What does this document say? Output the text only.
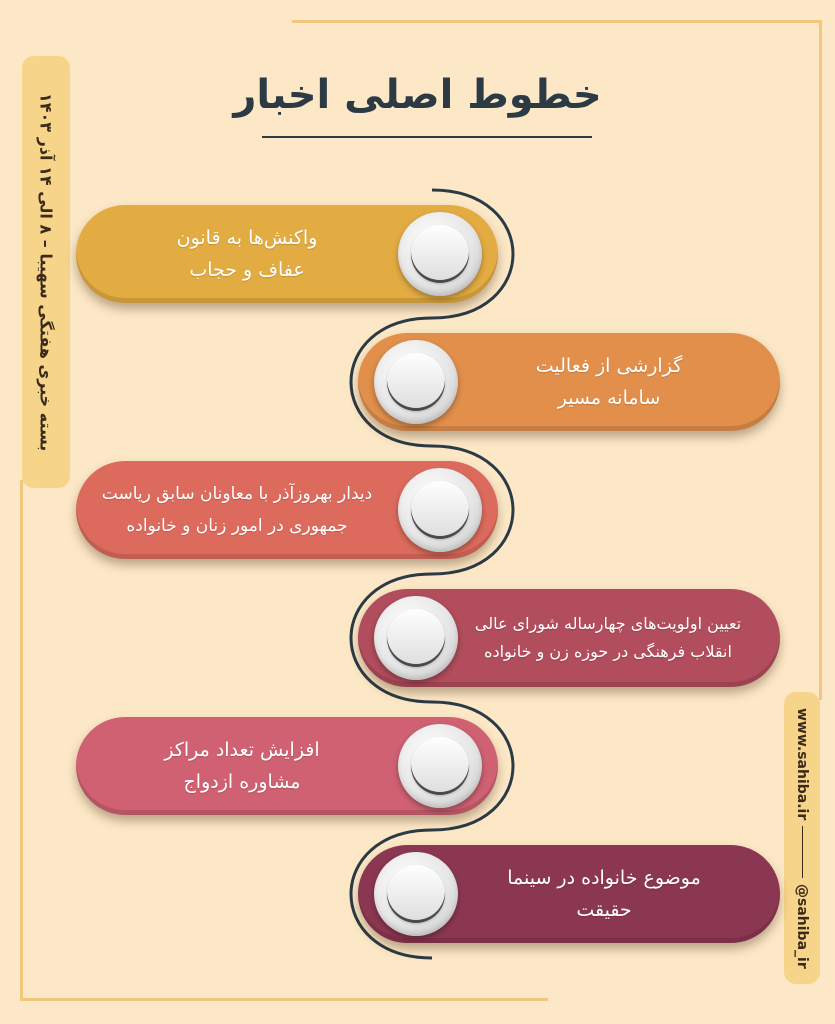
بسته خبری هفتگی سهیبا – ۸ الی ۱۴ آذر ۱۴۰۳
www.sahiba.ir
@sahiba_ir
خطوط اصلی اخبار
واکنش‌ها به قانون عفاف و حجاب
گزارشی از فعالیت سامانه مسیر
دیدار بهروزآذر با معاونان سابق ریاست جمهوری در امور زنان و خانواده
تعیین اولویت‌های چهارساله شورای عالی انقلاب فرهنگی در حوزه زن و خانواده
افزایش تعداد مراکز مشاوره ازدواج
موضوع خانواده در سینما حقیقت
